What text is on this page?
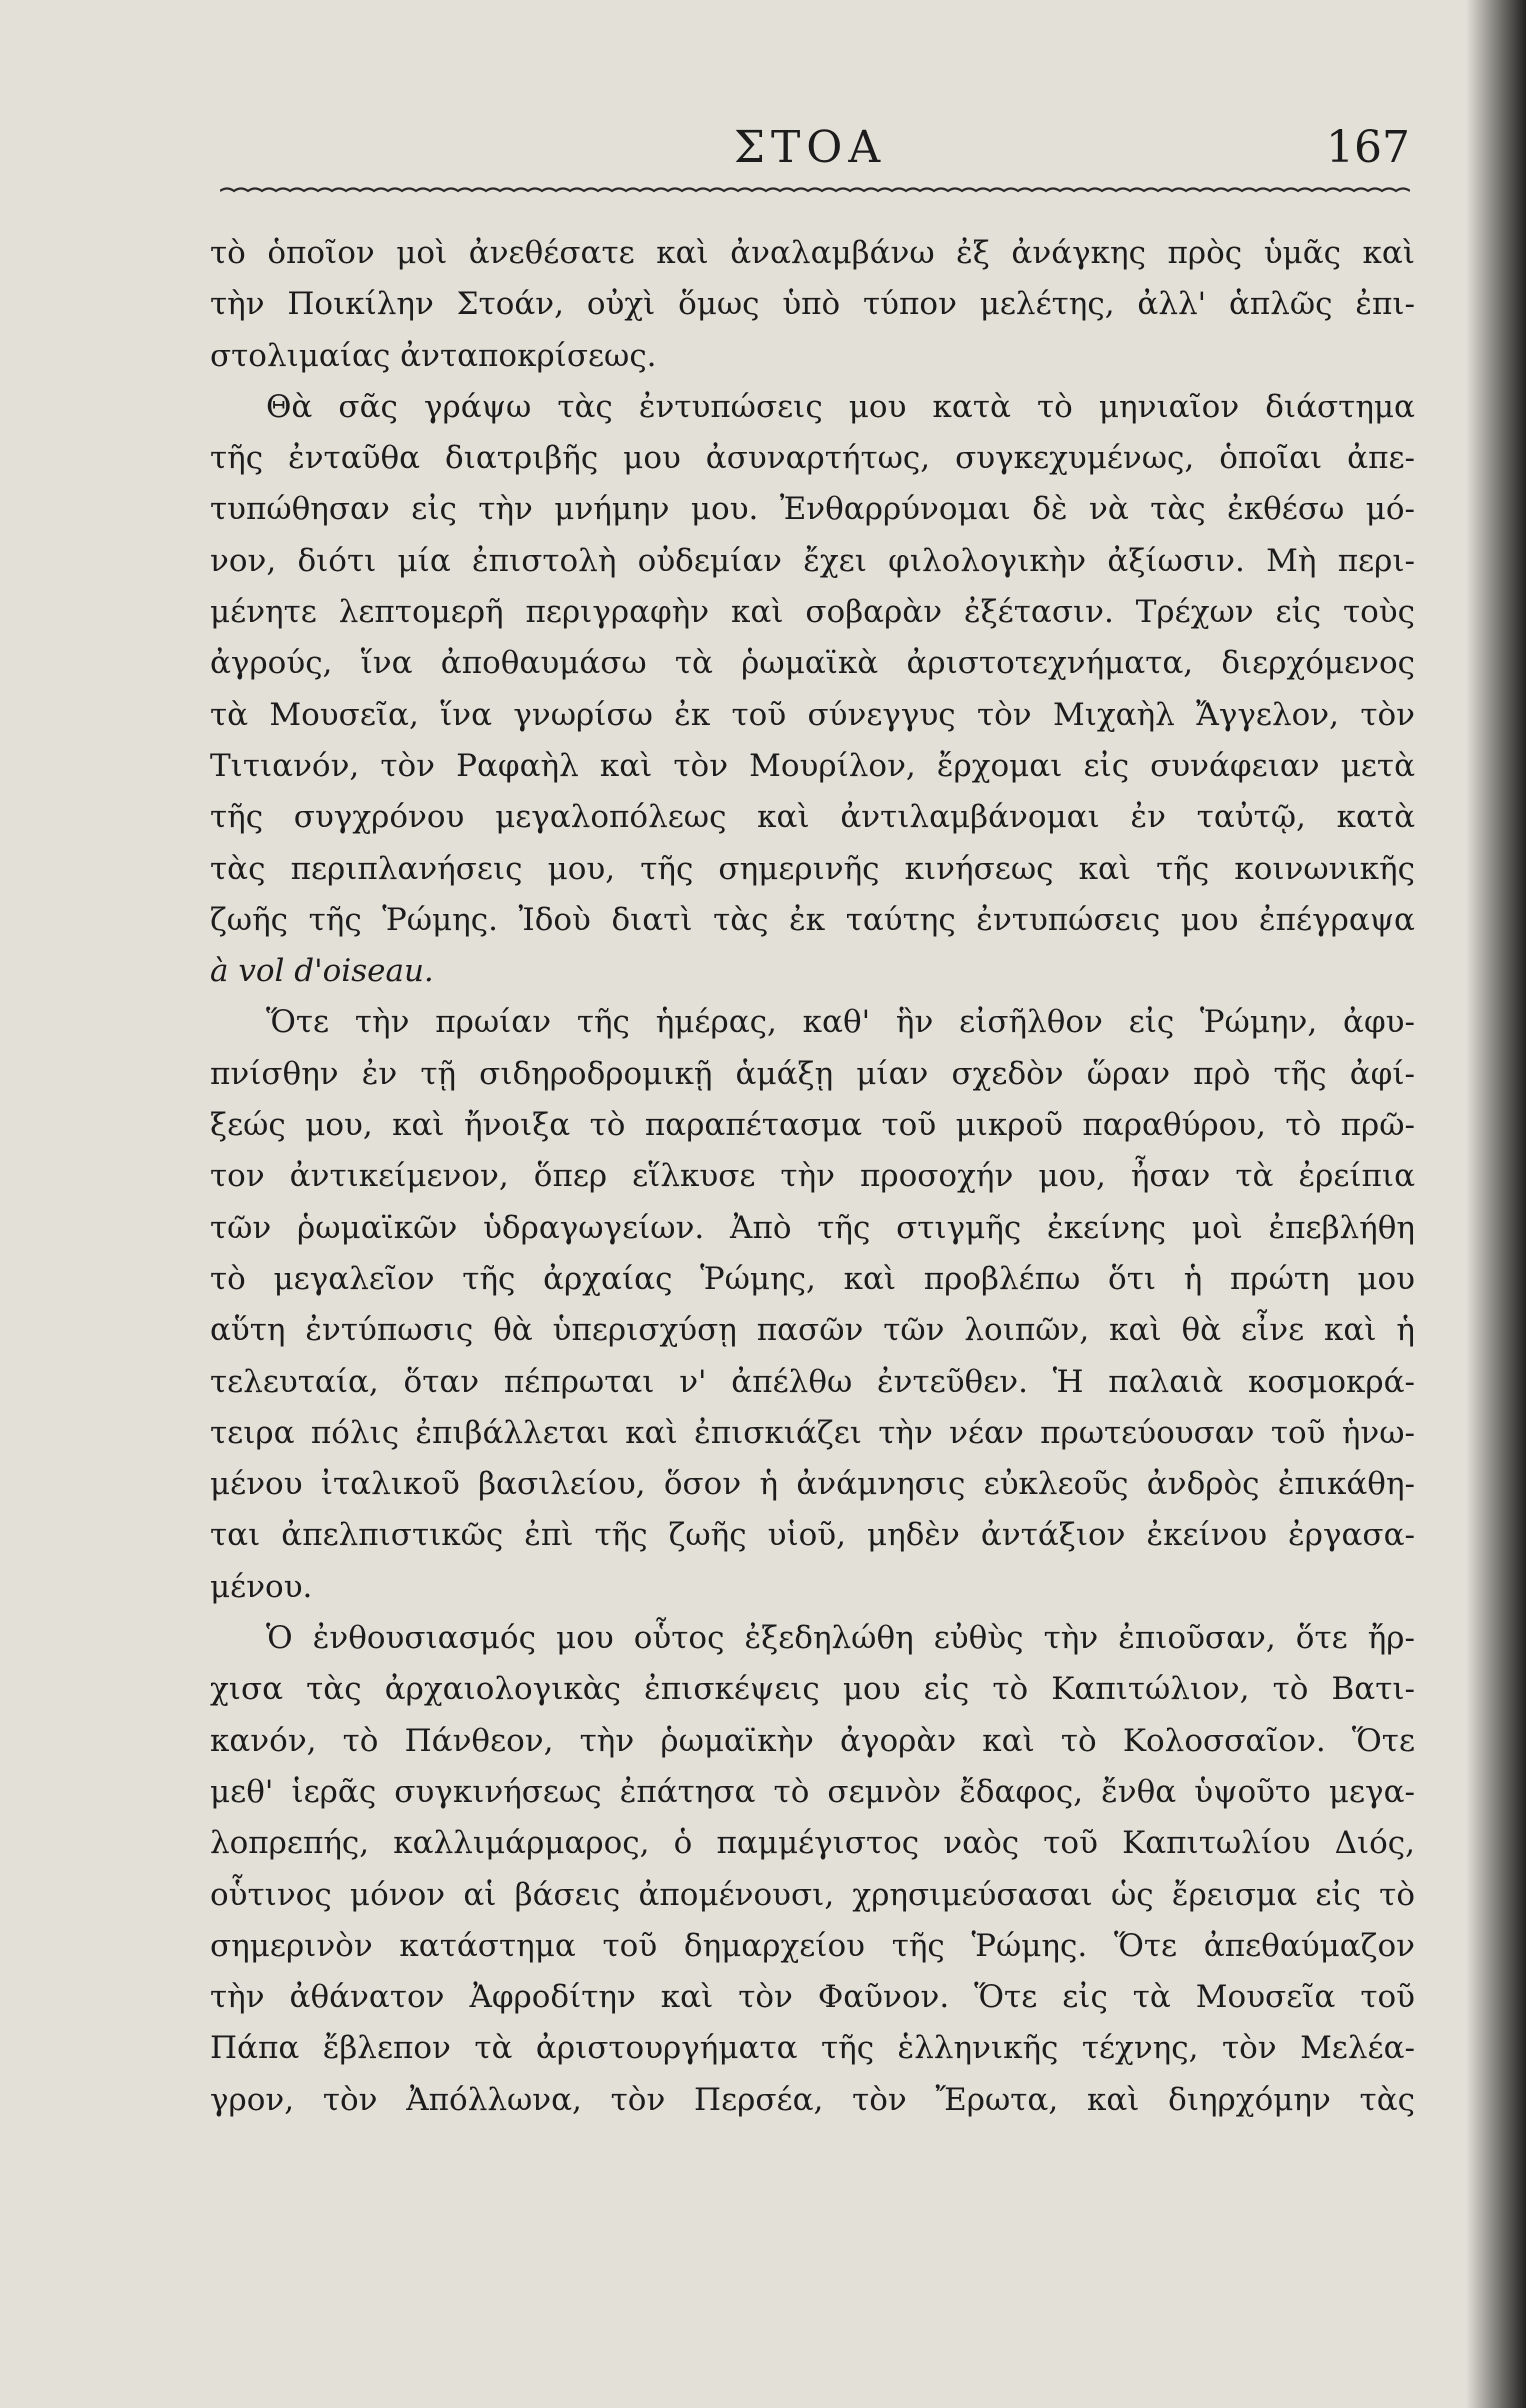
ΣΤΟΑ	167
τὸ ὁποῖον μοὶ ἀνεθέσατε καὶ ἀναλαμβάνω ἐξ ἀνάγκης πρὸς ὑμᾶς καὶ
τὴν Ποικίλην Στοάν, οὐχὶ ὅμως ὑπὸ τύπον μελέτης, ἀλλ' ἁπλῶς ἐπι-

στολιμαίας ἀνταποκρίσεως.
Θὰ σᾶς γράψω τὰς ἐντυπώσεις μου κατὰ τὸ μηνιαῖον διάστημα
τῆς ἐνταῦθα διατριβῆς μου ἀσυναρτήτως, συγκεχυμένως, ὁποῖαι ἀπε-
τυπώθησαν εἰς τὴν μνήμην μου. Ἐνθαρρύνομαι δὲ νὰ τὰς ἐκθέσω μό-
νον, διότι μία ἐπιστολὴ οὐδεμίαν ἔχει φιλολογικὴν ἀξίωσιν. Μὴ περι-
μένητε λεπτομερῆ περιγραφὴν καὶ σοβαρὰν ἐξέτασιν. Τρέχων εἰς τοὺς
ἀγρούς, ἵνα ἀποθαυμάσω τὰ ῥωμαϊκὰ ἀριστοτεχνήματα, διερχόμενος
τὰ Μουσεῖα, ἵνα γνωρίσω ἐκ τοῦ σύνεγγυς τὸν Μιχαὴλ Ἄγγελον, τὸν
Τιτιανόν, τὸν Ραφαὴλ καὶ τὸν Μουρίλον, ἔρχομαι εἰς συνάφειαν μετὰ
τῆς συγχρόνου μεγαλοπόλεως καὶ ἀντιλαμβάνομαι ἐν ταὐτῷ, κατὰ
τὰς περιπλανήσεις μου, τῆς σημερινῆς κινήσεως καὶ τῆς κοινωνικῆς
ζωῆς τῆς Ῥώμης. Ἰδοὺ διατὶ τὰς ἐκ ταύτης ἐντυπώσεις μου ἐπέγραψα

à vol d'oiseau.
Ὅτε τὴν πρωίαν τῆς ἡμέρας, καθ' ἣν εἰσῆλθον εἰς Ῥώμην, ἀφυ-
πνίσθην ἐν τῇ σιδηροδρομικῇ ἁμάξῃ μίαν σχεδὸν ὥραν πρὸ τῆς ἀφί-
ξεώς μου, καὶ ἤνοιξα τὸ παραπέτασμα τοῦ μικροῦ παραθύρου, τὸ πρῶ-
τον ἀντικείμενον, ὅπερ εἵλκυσε τὴν προσοχήν μου, ἦσαν τὰ ἐρείπια
τῶν ῥωμαϊκῶν ὑδραγωγείων. Ἀπὸ τῆς στιγμῆς ἐκείνης μοὶ ἐπεβλήθη
τὸ μεγαλεῖον τῆς ἀρχαίας Ῥώμης, καὶ προβλέπω ὅτι ἡ πρώτη μου
αὕτη ἐντύπωσις θὰ ὑπερισχύσῃ πασῶν τῶν λοιπῶν, καὶ θὰ εἶνε καὶ ἡ
τελευταία, ὅταν πέπρωται ν' ἀπέλθω ἐντεῦθεν. Ἡ παλαιὰ κοσμοκρά-
τειρα πόλις ἐπιβάλλεται καὶ ἐπισκιάζει τὴν νέαν πρωτεύουσαν τοῦ ἡνω-
μένου ἰταλικοῦ βασιλείου, ὅσον ἡ ἀνάμνησις εὐκλεοῦς ἀνδρὸς ἐπικάθη-
ται ἀπελπιστικῶς ἐπὶ τῆς ζωῆς υἱοῦ, μηδὲν ἀντάξιον ἐκείνου ἐργασα-

μένου.
Ὁ ἐνθουσιασμός μου οὗτος ἐξεδηλώθη εὐθὺς τὴν ἐπιοῦσαν, ὅτε ἤρ-
χισα τὰς ἀρχαιολογικὰς ἐπισκέψεις μου εἰς τὸ Καπιτώλιον, τὸ Βατι-
κανόν, τὸ Πάνθεον, τὴν ῥωμαϊκὴν ἀγορὰν καὶ τὸ Κολοσσαῖον. Ὅτε
μεθ' ἱερᾶς συγκινήσεως ἐπάτησα τὸ σεμνὸν ἔδαφος, ἔνθα ὑψοῦτο μεγα-
λοπρεπής, καλλιμάρμαρος, ὁ παμμέγιστος ναὸς τοῦ Καπιτωλίου Διός,
οὗτινος μόνον αἱ βάσεις ἀπομένουσι, χρησιμεύσασαι ὡς ἔρεισμα εἰς τὸ
σημερινὸν κατάστημα τοῦ δημαρχείου τῆς Ῥώμης. Ὅτε ἀπεθαύμαζον
τὴν ἀθάνατον Ἀφροδίτην καὶ τὸν Φαῦνον. Ὅτε εἰς τὰ Μουσεῖα τοῦ
Πάπα ἔβλεπον τὰ ἀριστουργήματα τῆς ἑλληνικῆς τέχνης, τὸν Μελέα-
γρον, τὸν Ἀπόλλωνα, τὸν Περσέα, τὸν Ἔρωτα, καὶ διηρχόμην τὰς
